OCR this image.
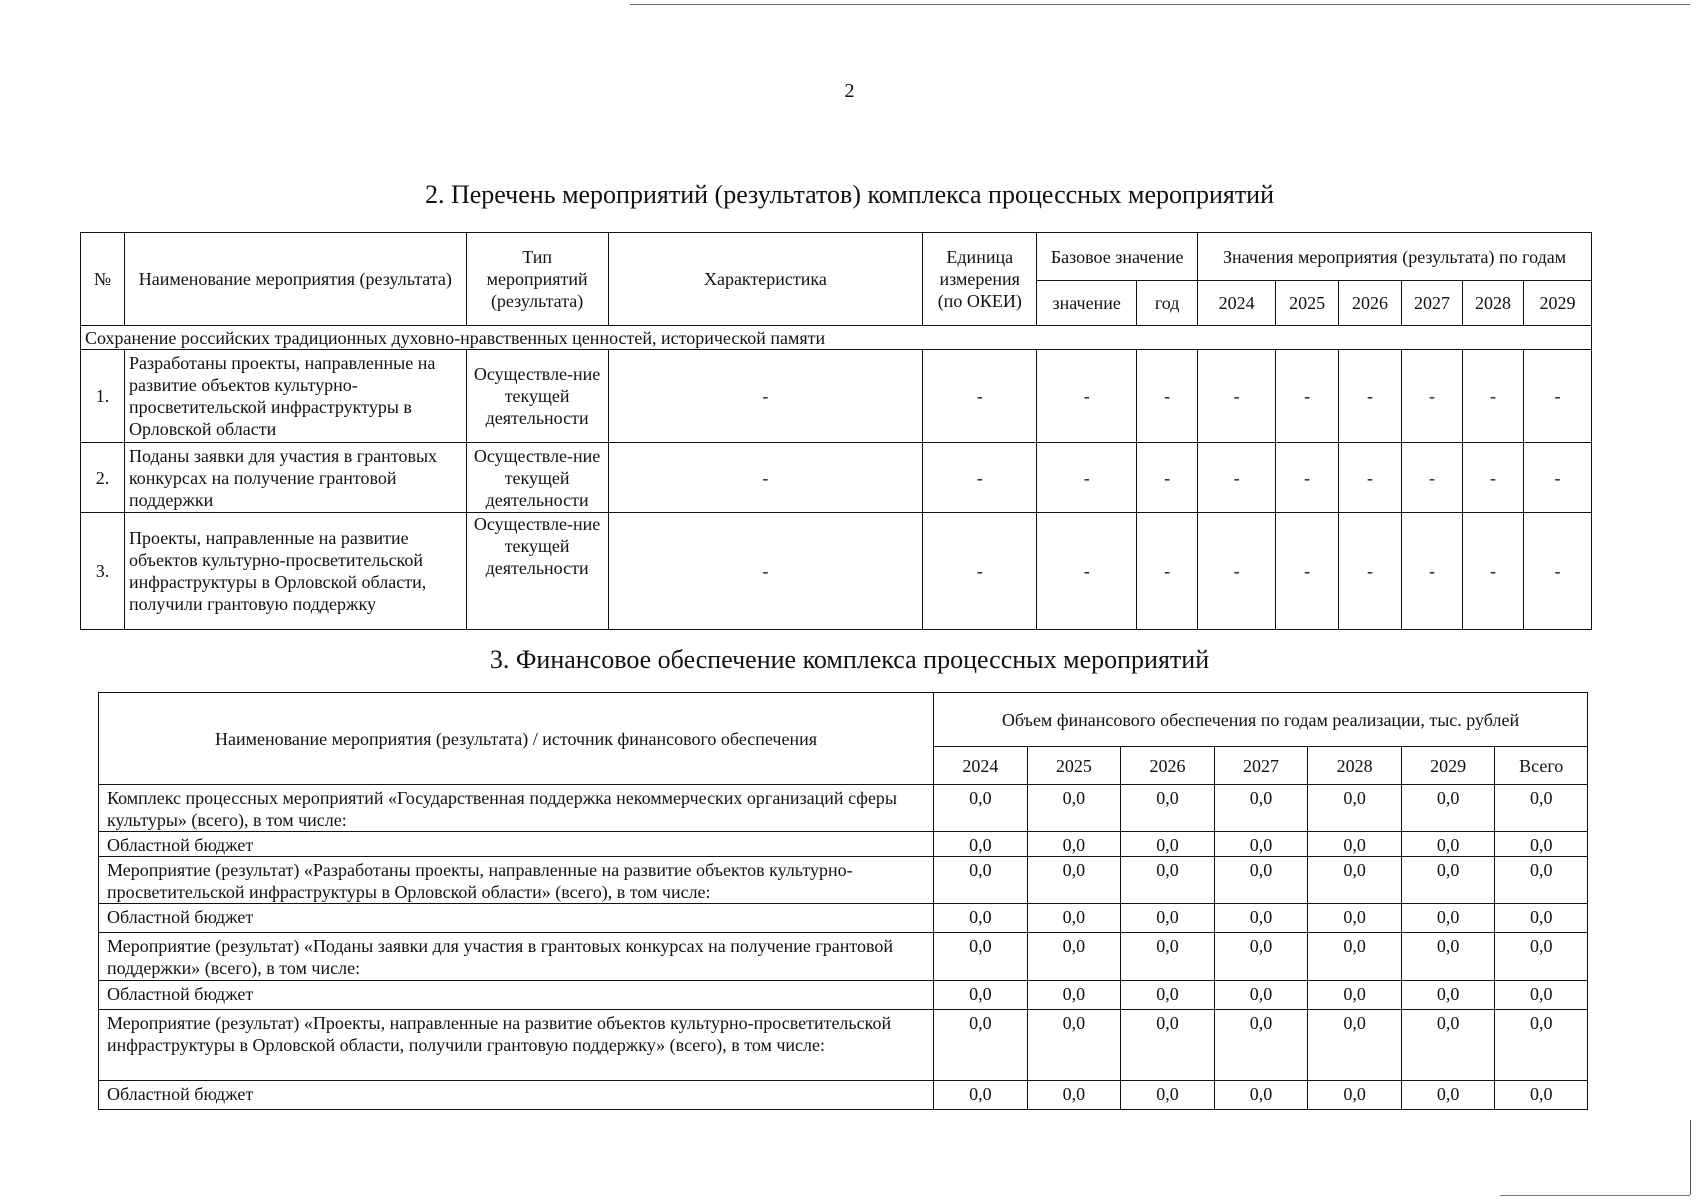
2
2. Перечень мероприятий (результатов) комплекса процессных мероприятий
№	Наименование мероприятия (результата)	Тип мероприятий (результата)	Характеристика	Единица измерения (по ОКЕИ)	Базовое значение		Значения мероприятия (результата) по годам					
					значение	год	2024	2025	2026	2027	2028	2029
Сохранение российских традиционных духовно-нравственных ценностей, исторической памяти												
1.	Разработаны проекты, направленные на развитие объектов культурно-просветительской инфраструктуры в Орловской области	Осуществле-ние текущей деятельности	-	-	-	-	-	-	-	-	-	-
2.	Поданы заявки для участия в грантовых конкурсах на получение грантовой поддержки	Осуществле-ние текущей деятельности	-	-	-	-	-	-	-	-	-	-
3.	Проекты, направленные на развитие объектов культурно-просветительской инфраструктуры в Орловской области, получили грантовую поддержку	Осуществле-ние текущей деятельности	-	-	-	-	-	-	-	-	-	-
3. Финансовое обеспечение комплекса процессных мероприятий
Наименование мероприятия (результата) / источник финансового обеспечения	Объем финансового обеспечения по годам реализации, тыс. рублей						
	2024	2025	2026	2027	2028	2029	Всего
Комплекс процессных мероприятий «Государственная поддержка некоммерческих организаций сферы культуры» (всего), в том числе:	0,0	0,0	0,0	0,0	0,0	0,0	0,0
Областной бюджет	0,0	0,0	0,0	0,0	0,0	0,0	0,0
Мероприятие (результат) «Разработаны проекты, направленные на развитие объектов культурно-просветительской инфраструктуры в Орловской области» (всего), в том числе:	0,0	0,0	0,0	0,0	0,0	0,0	0,0
Областной бюджет	0,0	0,0	0,0	0,0	0,0	0,0	0,0
Мероприятие (результат) «Поданы заявки для участия в грантовых конкурсах на получение грантовой поддержки» (всего), в том числе:	0,0	0,0	0,0	0,0	0,0	0,0	0,0
Областной бюджет	0,0	0,0	0,0	0,0	0,0	0,0	0,0
Мероприятие (результат) «Проекты, направленные на развитие объектов культурно-просветительской инфраструктуры в Орловской области, получили грантовую поддержку» (всего), в том числе:	0,0	0,0	0,0	0,0	0,0	0,0	0,0
Областной бюджет	0,0	0,0	0,0	0,0	0,0	0,0	0,0
